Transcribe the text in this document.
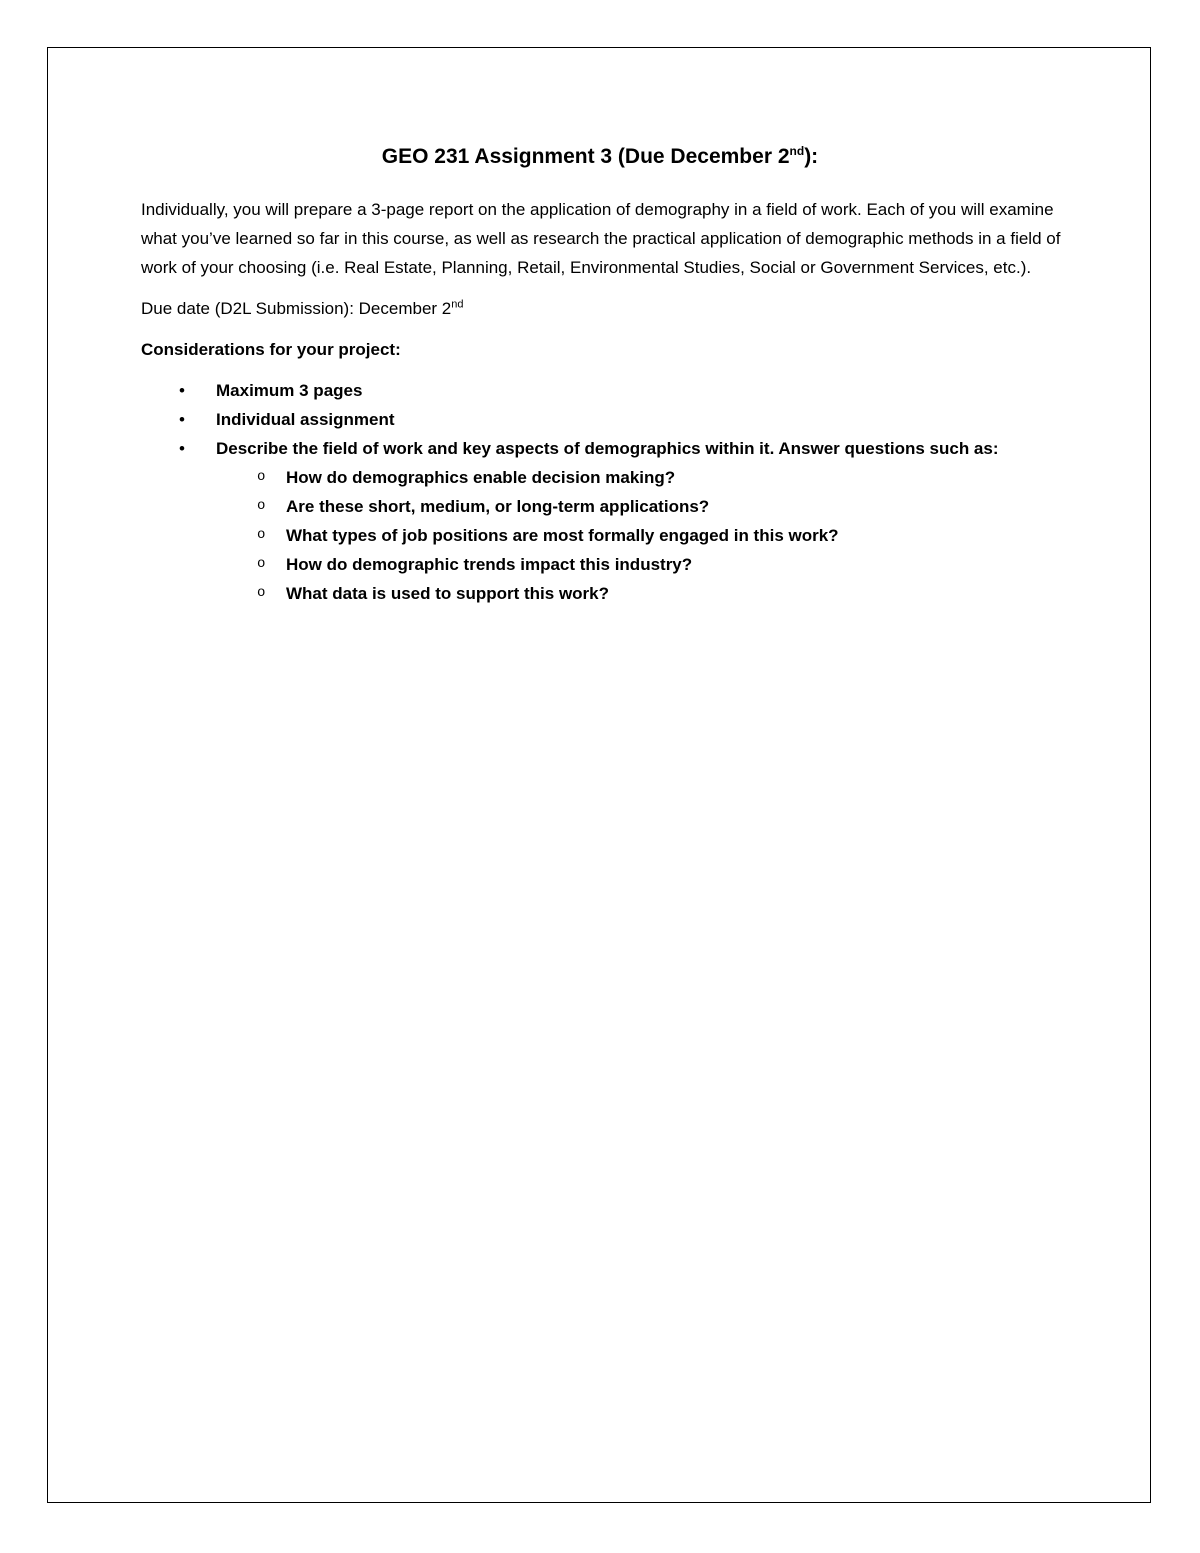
GEO 231 Assignment 3 (Due December 2nd):

Individually, you will prepare a 3-page report on the application of demography in a field of work. Each of you will examine what you’ve learned so far in this course, as well as research the practical application of demographic methods in a field of work of your choosing (i.e. Real Estate, Planning, Retail, Environmental Studies, Social or Government Services, etc.).

Due date (D2L Submission): December 2nd

Considerations for your project:

• Maximum 3 pages
• Individual assignment
• Describe the field of work and key aspects of demographics within it. Answer questions such as:
o How do demographics enable decision making?
o Are these short, medium, or long-term applications?
o What types of job positions are most formally engaged in this work?
o How do demographic trends impact this industry?
o What data is used to support this work?
